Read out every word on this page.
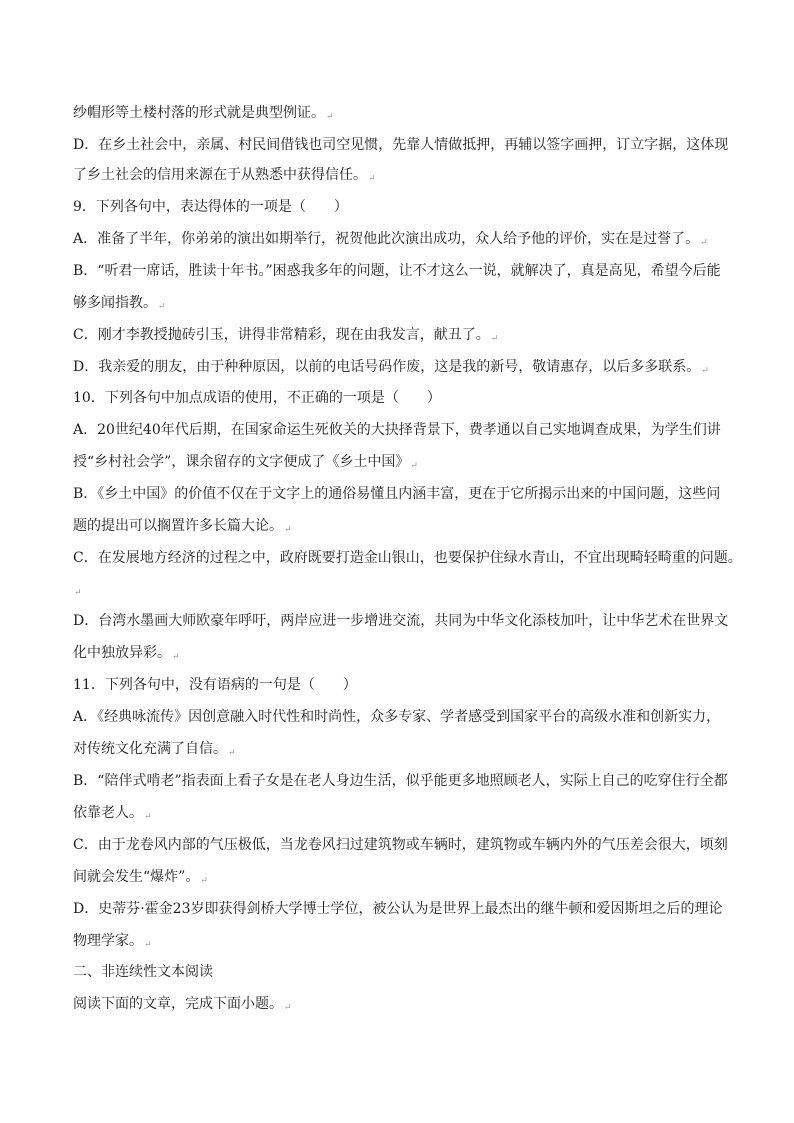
纱帽形等土楼村落的形式就是典型例证。↵
D．在乡土社会中，亲属、村民间借钱也司空见惯，先靠人情做抵押，再辅以签字画押，订立字据，这体现
了乡土社会的信用来源在于从熟悉中获得信任。↵
9．下列各句中，表达得体的一项是（　　）
A．准备了半年，你弟弟的演出如期举行，祝贺他此次演出成功，众人给予他的评价，实在是过誉了。↵
B．“听君一席话，胜读十年书。”困惑我多年的问题，让不才这么一说，就解决了，真是高见，希望今后能
够多闻指教。↵
C．刚才李教授抛砖引玉，讲得非常精彩，现在由我发言，献丑了。↵
D．我亲爱的朋友，由于种种原因，以前的电话号码作废，这是我的新号，敬请惠存，以后多多联系。↵
10．下列各句中加点成语的使用，不正确的一项是（　　）
A．20世纪40年代后期，在国家命运生死攸关的大抉择背景下，费孝通以自己实地调查成果，为学生们讲
授“乡村社会学”，课余留存的文字便成了《乡土中国》↵
B．《乡土中国》的价值不仅在于文字上的通俗易懂且内涵丰富，更在于它所揭示出来的中国问题，这些问
题的提出可以搁置许多长篇大论。↵
C．在发展地方经济的过程之中，政府既要打造金山银山，也要保护住绿水青山，不宜出现畸轻畸重的问题。
↵
D．台湾水墨画大师欧豪年呼吁，两岸应进一步增进交流，共同为中华文化添枝加叶，让中华艺术在世界文
化中独放异彩。↵
11．下列各句中，没有语病的一句是（　　）
A．《经典咏流传》因创意融入时代性和时尚性，众多专家、学者感受到国家平台的高级水准和创新实力，
对传统文化充满了自信。↵
B．“陪伴式啃老”指表面上看子女是在老人身边生活，似乎能更多地照顾老人，实际上自己的吃穿住行全都
依靠老人。↵
C．由于龙卷风内部的气压极低，当龙卷风扫过建筑物或车辆时，建筑物或车辆内外的气压差会很大，顷刻
间就会发生“爆炸”。↵
D．史蒂芬·霍金23岁即获得剑桥大学博士学位，被公认为是世界上最杰出的继牛顿和爱因斯坦之后的理论
物理学家。↵
二、非连续性文本阅读
阅读下面的文章，完成下面小题。↵
